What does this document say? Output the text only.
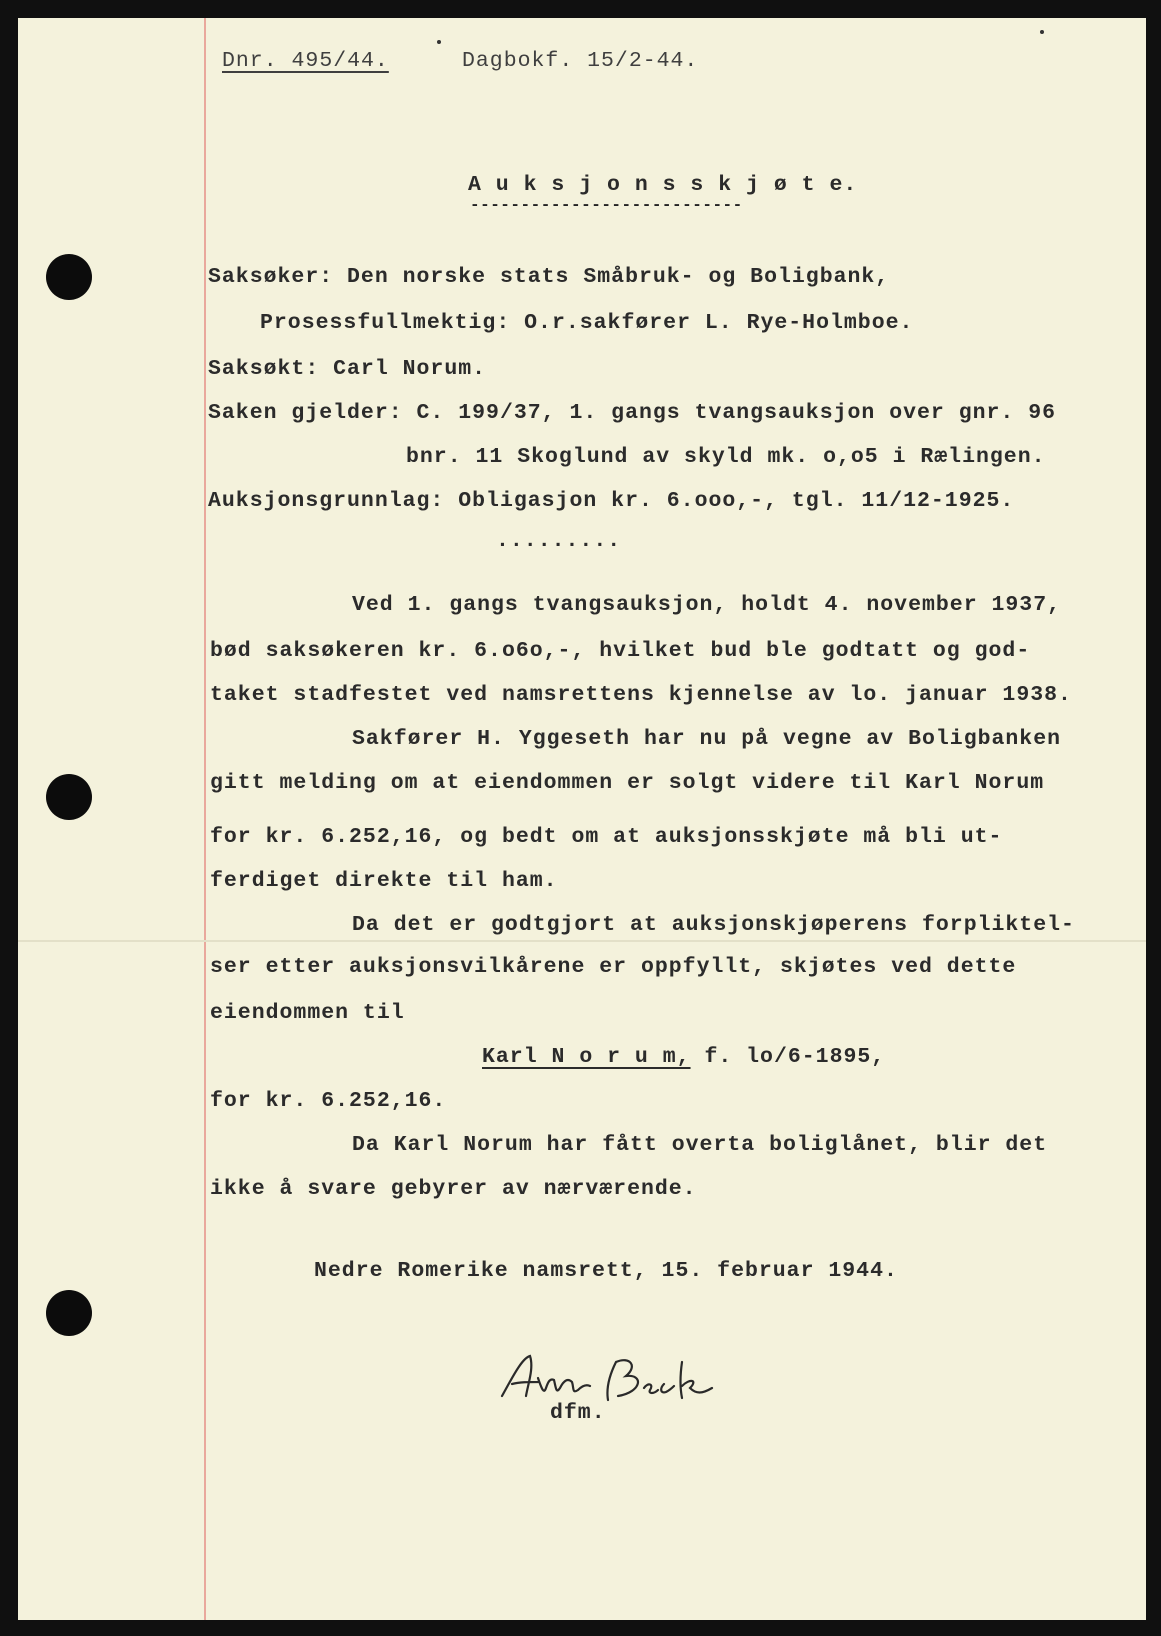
Dnr. 495/44.	Dagbokf. 15/2-44.
A u k s j o n s s k j ø t e.
---------------------------
Saksøker: Den norske stats Småbruk- og Boligbank,
Prosessfullmektig: O.r.sakfører L. Rye-Holmboe.
Saksøkt: Carl Norum.
Saken gjelder: C. 199/37, 1. gangs tvangsauksjon over gnr. 96
bnr. 11 Skoglund av skyld mk. o,o5 i Rælingen.
Auksjonsgrunnlag: Obligasjon kr. 6.ooo,-, tgl. 11/12-1925.
.........
Ved 1. gangs tvangsauksjon, holdt 4. november 1937,
bød saksøkeren kr. 6.o6o,-, hvilket bud ble godtatt og god-
taket stadfestet ved namsrettens kjennelse av lo. januar 1938.
Sakfører H. Yggeseth har nu på vegne av Boligbanken
gitt melding om at eiendommen er solgt videre til Karl Norum
for kr. 6.252,16, og bedt om at auksjonsskjøte må bli ut-
ferdiget direkte til ham.
Da det er godtgjort at auksjonskjøperens forpliktel-
ser etter auksjonsvilkårene er oppfyllt, skjøtes ved dette
eiendommen til
Karl N o r u m, f. lo/6-1895,
for kr. 6.252,16.
Da Karl Norum har fått overta boliglånet, blir det
ikke å svare gebyrer av nærværende.
Nedre Romerike namsrett, 15. februar 1944.
dfm.
